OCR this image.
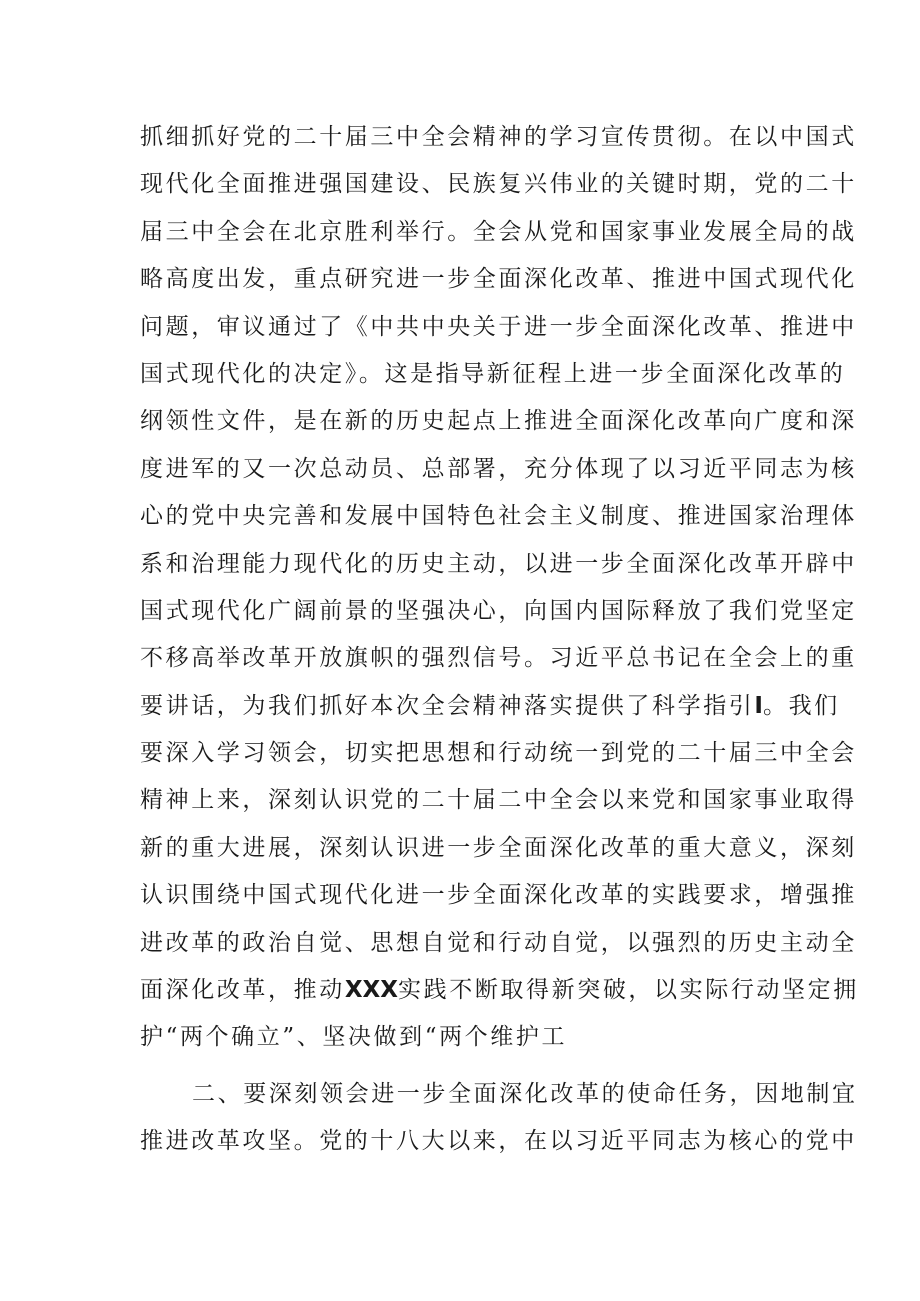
抓细抓好党的二十届三中全会精神的学习宣传贯彻。在以中国式
现代化全面推进强国建设、民族复兴伟业的关键时期，党的二十
届三中全会在北京胜利举行。全会从党和国家事业发展全局的战
略高度出发，重点研究进一步全面深化改革、推进中国式现代化
问题，审议通过了《中共中央关于进一步全面深化改革、推进中
国式现代化的决定》。这是指导新征程上进一步全面深化改革的
纲领性文件，是在新的历史起点上推进全面深化改革向广度和深
度进军的又一次总动员、总部署，充分体现了以习近平同志为核
心的党中央完善和发展中国特色社会主义制度、推进国家治理体
系和治理能力现代化的历史主动，以进一步全面深化改革开辟中
国式现代化广阔前景的坚强决心，向国内国际释放了我们党坚定
不移高举改革开放旗帜的强烈信号。习近平总书记在全会上的重
要讲话，为我们抓好本次全会精神落实提供了科学指引I。我们
要深入学习领会，切实把思想和行动统一到党的二十届三中全会
精神上来，深刻认识党的二十届二中全会以来党和国家事业取得
新的重大进展，深刻认识进一步全面深化改革的重大意义，深刻
认识围绕中国式现代化进一步全面深化改革的实践要求，增强推
进改革的政治自觉、思想自觉和行动自觉，以强烈的历史主动全
面深化改革，推动XXX实践不断取得新突破，以实际行动坚定拥
护“两个确立”、坚决做到“两个维护工
二、要深刻领会进一步全面深化改革的使命任务，因地制宜
推进改革攻坚。党的十八大以来，在以习近平同志为核心的党中
